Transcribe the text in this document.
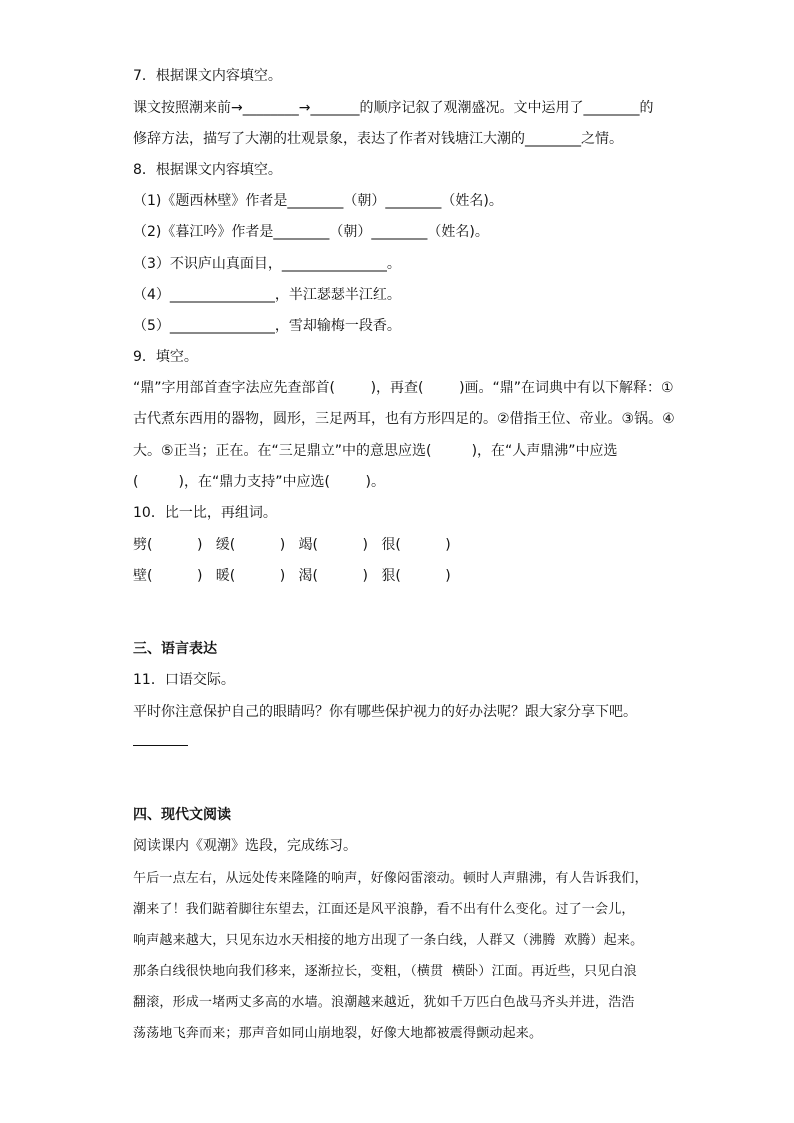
7．根据课文内容填空。
课文按照潮来前→________→_______的顺序记叙了观潮盛况。文中运用了________的
修辞方法，描写了大潮的壮观景象，表达了作者对钱塘江大潮的________之情。
8．根据课文内容填空。
（1)《题西林壁》作者是________（朝）________（姓名)。
（2)《暮江吟》作者是________（朝）________（姓名)。
（3）不识庐山真面目，_______________。
（4）_______________，半江瑟瑟半江红。
（5）_______________，雪却输梅一段香。
9．填空。
“鼎”字用部首查字法应先查部首(        )，再查(        )画。“鼎”在词典中有以下解释：①
古代煮东西用的器物，圆形，三足两耳，也有方形四足的。②借指王位、帝业。③锅。④
大。⑤正当；正在。在“三足鼎立”中的意思应选(         )，在“人声鼎沸”中应选
(         )，在“鼎力支持”中应选(        )。
10．比一比，再组词。
劈(          )   缓(          )   竭(          )   很(          )
壁(          )   暖(          )   渴(          )   狠(          )
三、语言表达
11．口语交际。
平时你注意保护自己的眼睛吗？你有哪些保护视力的好办法呢？跟大家分享下吧。
四、现代文阅读
阅读课内《观潮》选段，完成练习。
午后一点左右，从远处传来隆隆的响声，好像闷雷滚动。顿时人声鼎沸，有人告诉我们，
潮来了！我们踮着脚往东望去，江面还是风平浪静，看不出有什么变化。过了一会儿，
响声越来越大，只见东边水天相接的地方出现了一条白线，人群又（沸腾  欢腾）起来。
那条白线很快地向我们移来，逐渐拉长，变粗，（横贯  横卧）江面。再近些，只见白浪
翻滚，形成一堵两丈多高的水墙。浪潮越来越近，犹如千万匹白色战马齐头并进，浩浩
荡荡地飞奔而来；那声音如同山崩地裂，好像大地都被震得颤动起来。
